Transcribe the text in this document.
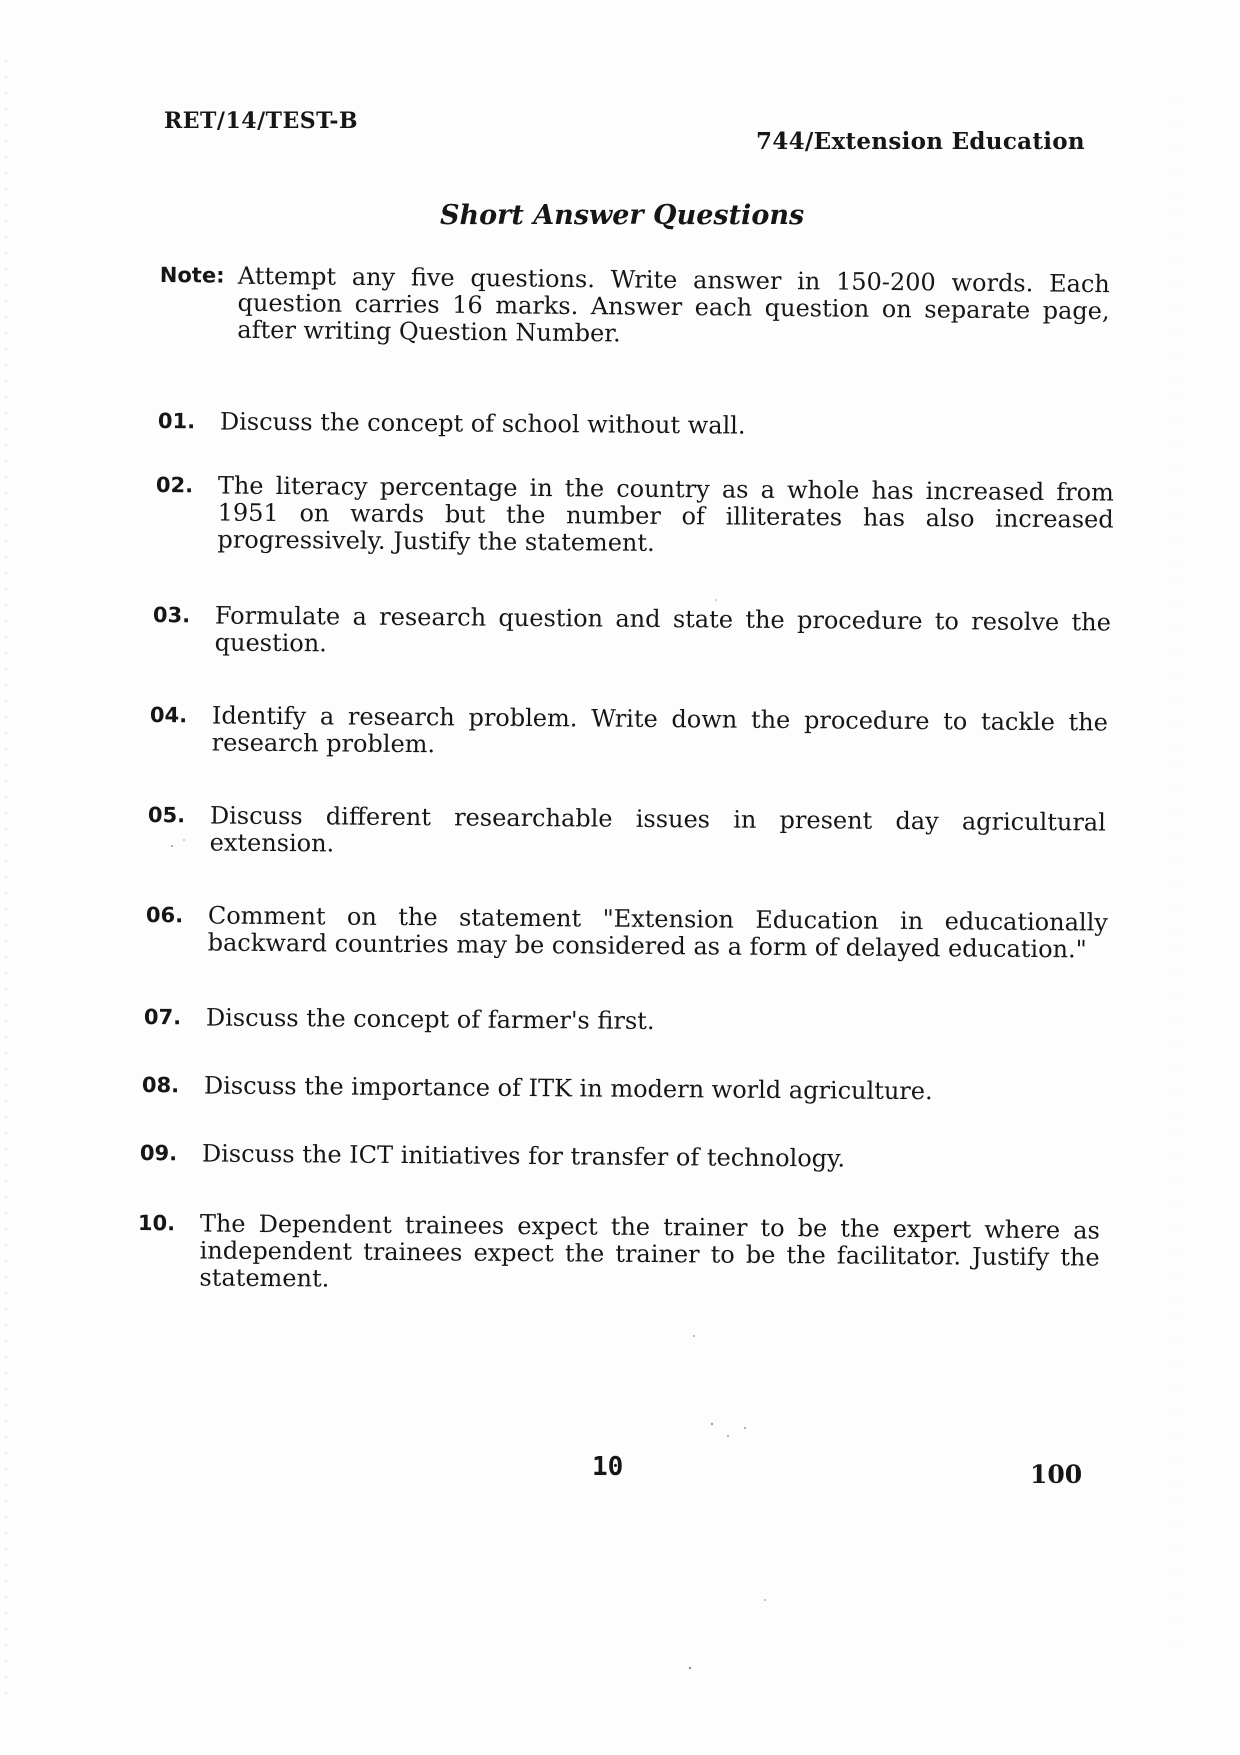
RET/14/TEST-B
744/Extension Education
Short Answer Questions
Note: Attempt any five questions. Write answer in 150-200 words. Each question carries 16 marks. Answer each question on separate page, after writing Question Number.
01. Discuss the concept of school without wall.
02. The literacy percentage in the country as a whole has increased from 1951 on wards but the number of illiterates has also increased progressively. Justify the statement.
03. Formulate a research question and state the procedure to resolve the question.
04. Identify a research problem. Write down the procedure to tackle the research problem.
05. Discuss different researchable issues in present day agricultural extension.
06. Comment on the statement "Extension Education in educationally backward countries may be considered as a form of delayed education."
07. Discuss the concept of farmer's first.
08. Discuss the importance of ITK in modern world agriculture.
09. Discuss the ICT initiatives for transfer of technology.
10. The Dependent trainees expect the trainer to be the expert where as independent trainees expect the trainer to be the facilitator. Justify the statement.
10	100
